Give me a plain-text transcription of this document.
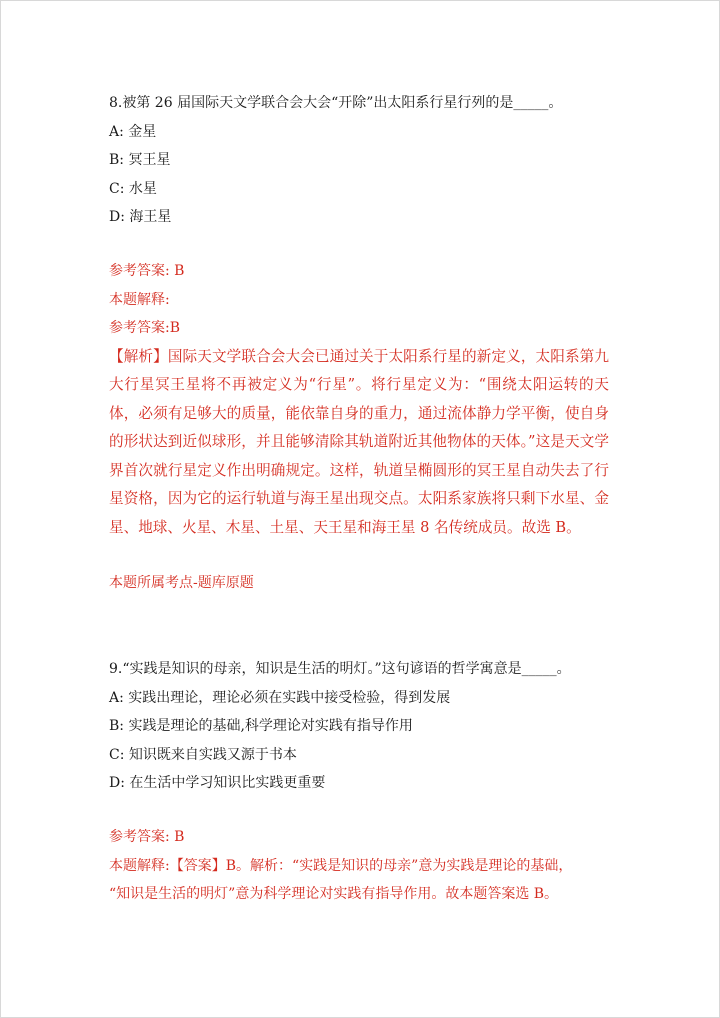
8.被第 26 届国际天文学联合会大会“开除”出太阳系行星行列的是_____。
A: 金星
B: 冥王星
C: 水星
D: 海王星
参考答案: B
本题解释:
参考答案:B
【解析】国际天文学联合会大会已通过关于太阳系行星的新定义，太阳系第九大行星冥王星将不再被定义为“行星”。将行星定义为：“围绕太阳运转的天体，必须有足够大的质量，能依靠自身的重力，通过流体静力学平衡，使自身的形状达到近似球形，并且能够清除其轨道附近其他物体的天体。”这是天文学界首次就行星定义作出明确规定。这样，轨道呈椭圆形的冥王星自动失去了行星资格，因为它的运行轨道与海王星出现交点。太阳系家族将只剩下水星、金星、地球、火星、木星、土星、天王星和海王星 8 名传统成员。故选 B。
本题所属考点-题库原题
9.“实践是知识的母亲，知识是生活的明灯。”这句谚语的哲学寓意是_____。
A: 实践出理论，理论必须在实践中接受检验，得到发展
B: 实践是理论的基础,科学理论对实践有指导作用
C: 知识既来自实践又源于书本
D: 在生活中学习知识比实践更重要
参考答案: B
本题解释:【答案】B。解析：“实践是知识的母亲”意为实践是理论的基础，
“知识是生活的明灯”意为科学理论对实践有指导作用。故本题答案选 B。
